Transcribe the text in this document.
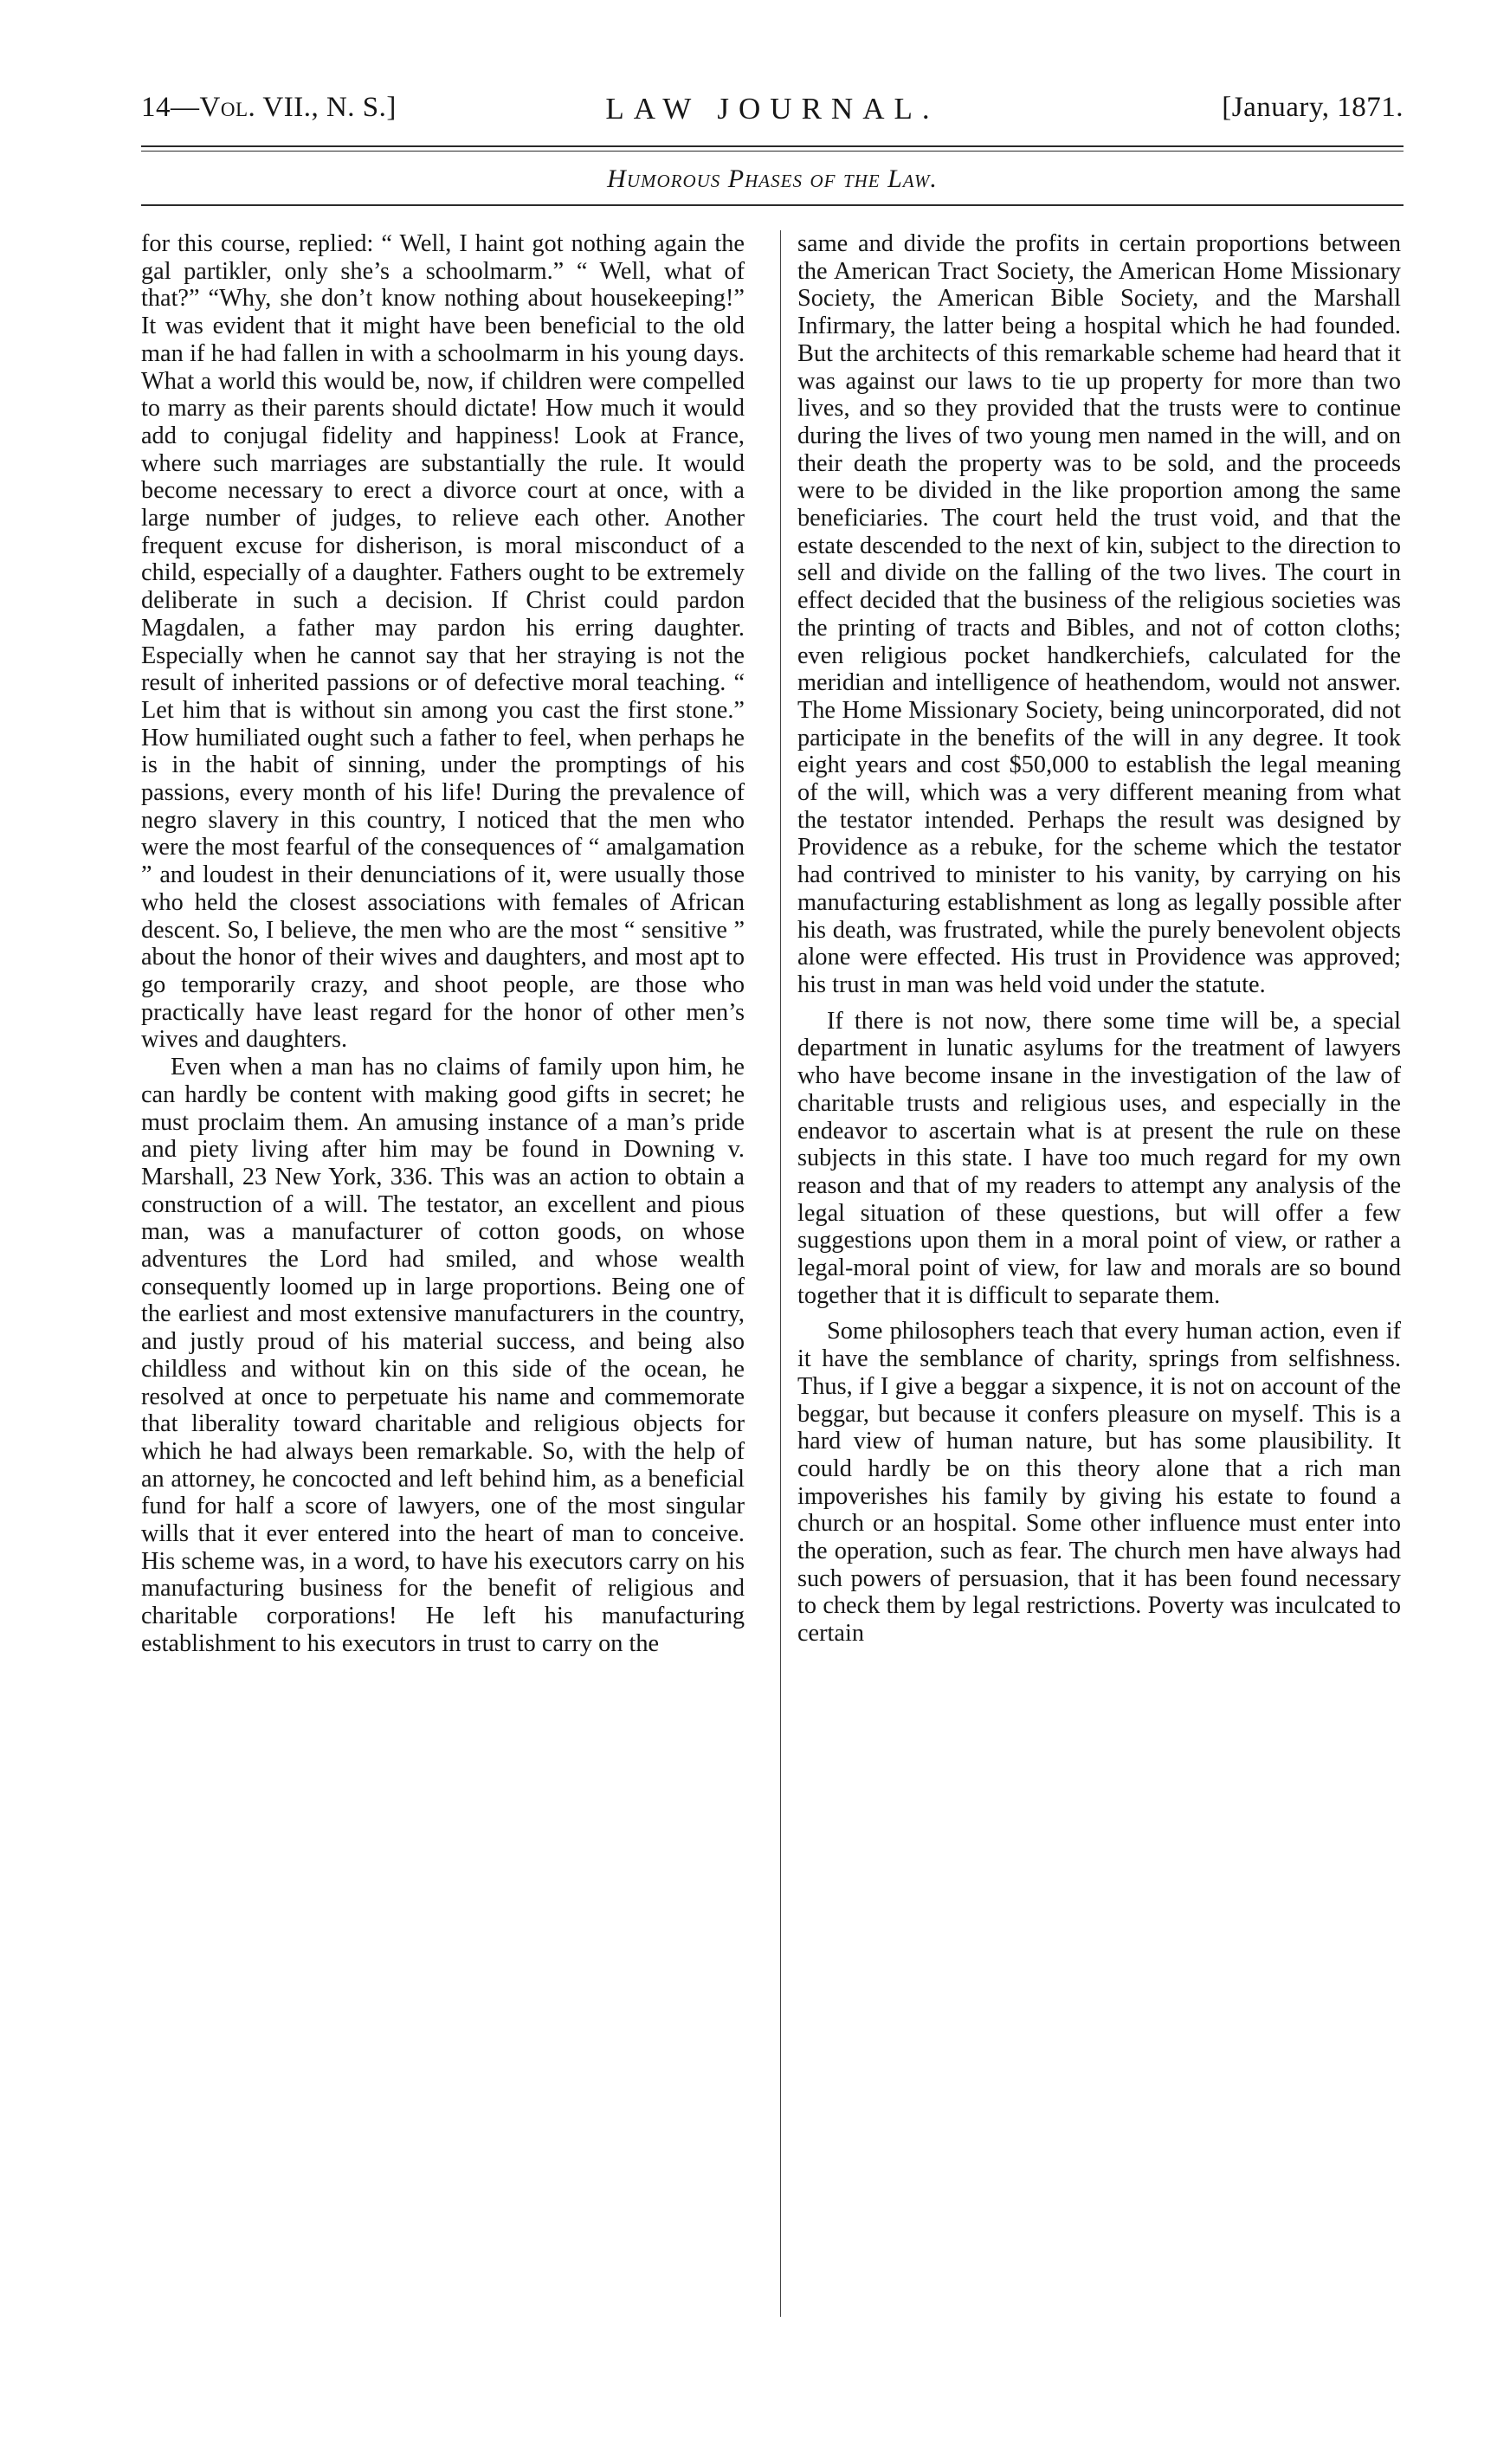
14—Vol. VII., N. S.]	LAW JOURNAL.	[January, 1871.
Humorous Phases of the Law.

for this course, replied: “ Well, I haint got nothing again the gal partikler, only she’s a schoolmarm.” “ Well, what of that?” “Why, she don’t know nothing about housekeeping!” It was evident that it might have been beneficial to the old man if he had fallen in with a schoolmarm in his young days. What a world this would be, now, if children were compelled to marry as their parents should dictate! How much it would add to conjugal fidelity and happiness! Look at France, where such marriages are substantially the rule. It would become necessary to erect a divorce court at once, with a large number of judges, to relieve each other. Another frequent excuse for disherison, is moral misconduct of a child, especially of a daughter. Fathers ought to be extremely deliberate in such a decision. If Christ could pardon Magdalen, a father may pardon his erring daughter. Especially when he cannot say that her straying is not the result of inherited passions or of defective moral teaching. “ Let him that is without sin among you cast the first stone.” How humiliated ought such a father to feel, when perhaps he is in the habit of sinning, under the promptings of his passions, every month of his life! During the prevalence of negro slavery in this country, I noticed that the men who were the most fearful of the consequences of “ amalgamation ” and loudest in their denunciations of it, were usually those who held the closest associations with females of African descent. So, I believe, the men who are the most “ sensitive ” about the honor of their wives and daughters, and most apt to go temporarily crazy, and shoot people, are those who practically have least regard for the honor of other men’s wives and daughters.

Even when a man has no claims of family upon him, he can hardly be content with making good gifts in secret; he must proclaim them. An amusing instance of a man’s pride and piety living after him may be found in Downing v. Marshall, 23 New York, 336. This was an action to obtain a construction of a will. The testator, an excellent and pious man, was a manufacturer of cotton goods, on whose adventures the Lord had smiled, and whose wealth consequently loomed up in large proportions. Being one of the earliest and most extensive manufacturers in the country, and justly proud of his material success, and being also childless and without kin on this side of the ocean, he resolved at once to perpetuate his name and commemorate that liberality toward charitable and religious objects for which he had always been remarkable. So, with the help of an attorney, he concocted and left behind him, as a beneficial fund for half a score of lawyers, one of the most singular wills that it ever entered into the heart of man to conceive. His scheme was, in a word, to have his executors carry on his manufacturing business for the benefit of religious and charitable corporations! He left his manufacturing establishment to his executors in trust to carry on the

same and divide the profits in certain proportions between the American Tract Society, the American Home Missionary Society, the American Bible Society, and the Marshall Infirmary, the latter being a hospital which he had founded. But the architects of this remarkable scheme had heard that it was against our laws to tie up property for more than two lives, and so they provided that the trusts were to continue during the lives of two young men named in the will, and on their death the property was to be sold, and the proceeds were to be divided in the like proportion among the same beneficiaries. The court held the trust void, and that the estate descended to the next of kin, subject to the direction to sell and divide on the falling of the two lives. The court in effect decided that the business of the religious societies was the printing of tracts and Bibles, and not of cotton cloths; even religious pocket handkerchiefs, calculated for the meridian and intelligence of heathendom, would not answer. The Home Missionary Society, being unincorporated, did not participate in the benefits of the will in any degree. It took eight years and cost $50,000 to establish the legal meaning of the will, which was a very different meaning from what the testator intended. Perhaps the result was designed by Providence as a rebuke, for the scheme which the testator had contrived to minister to his vanity, by carrying on his manufacturing establishment as long as legally possible after his death, was frustrated, while the purely benevolent objects alone were effected. His trust in Providence was approved; his trust in man was held void under the statute.

If there is not now, there some time will be, a special department in lunatic asylums for the treatment of lawyers who have become insane in the investigation of the law of charitable trusts and religious uses, and especially in the endeavor to ascertain what is at present the rule on these subjects in this state. I have too much regard for my own reason and that of my readers to attempt any analysis of the legal situation of these questions, but will offer a few suggestions upon them in a moral point of view, or rather a legal-moral point of view, for law and morals are so bound together that it is difficult to separate them.

Some philosophers teach that every human action, even if it have the semblance of charity, springs from selfishness. Thus, if I give a beggar a sixpence, it is not on account of the beggar, but because it confers pleasure on myself. This is a hard view of human nature, but has some plausibility. It could hardly be on this theory alone that a rich man impoverishes his family by giving his estate to found a church or an hospital. Some other influence must enter into the operation, such as fear. The church men have always had such powers of persuasion, that it has been found necessary to check them by legal restrictions. Poverty was inculcated to certain
